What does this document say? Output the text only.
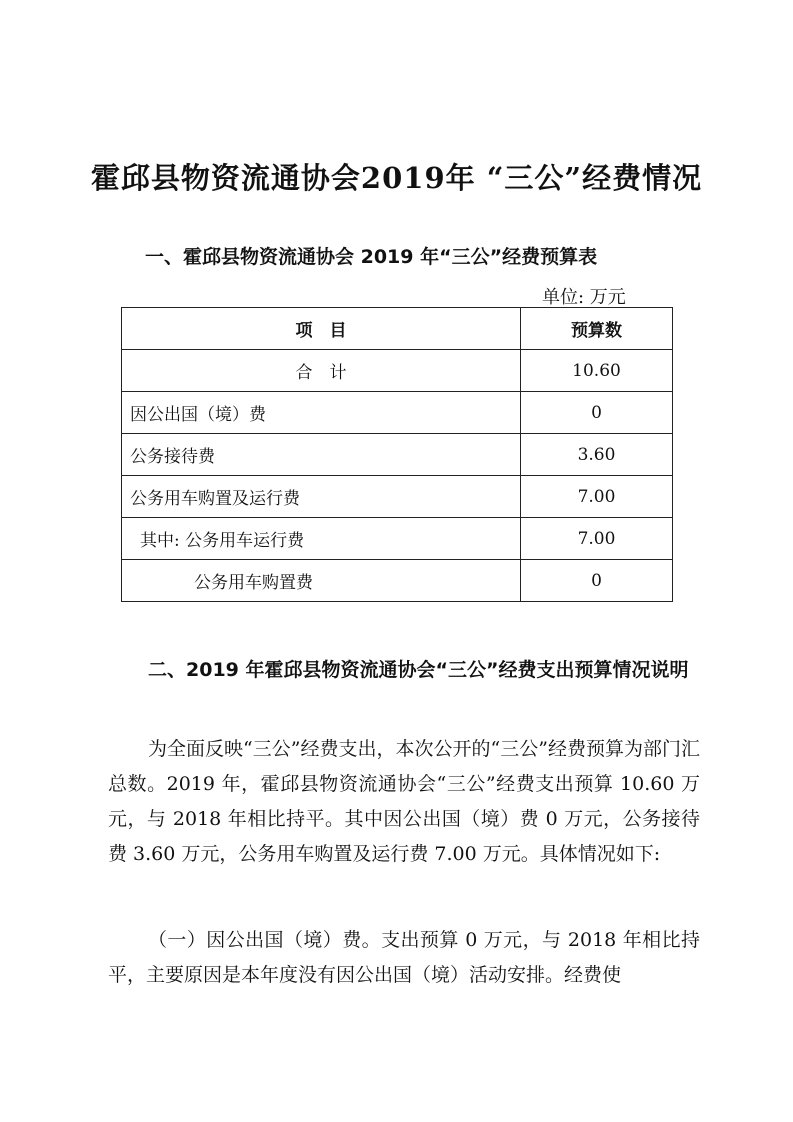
霍邱县物资流通协会2019年 “三公”经费情况
一、霍邱县物资流通协会 2019 年“三公”经费预算表
单位: 万元
项　目	预算数
合　计	10.60
因公出国（境）费	0
公务接待费	3.60
公务用车购置及运行费	7.00
其中: 公务用车运行费	7.00
公务用车购置费	0
二、2019 年霍邱县物资流通协会“三公”经费支出预算情况说明
为全面反映“三公”经费支出，本次公开的“三公”经费预算为部门汇总数。2019 年，霍邱县物资流通协会“三公”经费支出预算 10.60 万元，与 2018 年相比持平。其中因公出国（境）费 0 万元，公务接待费 3.60 万元，公务用车购置及运行费 7.00 万元。具体情况如下:
（一）因公出国（境）费。支出预算 0 万元，与 2018 年相比持平，主要原因是本年度没有因公出国（境）活动安排。经费使
